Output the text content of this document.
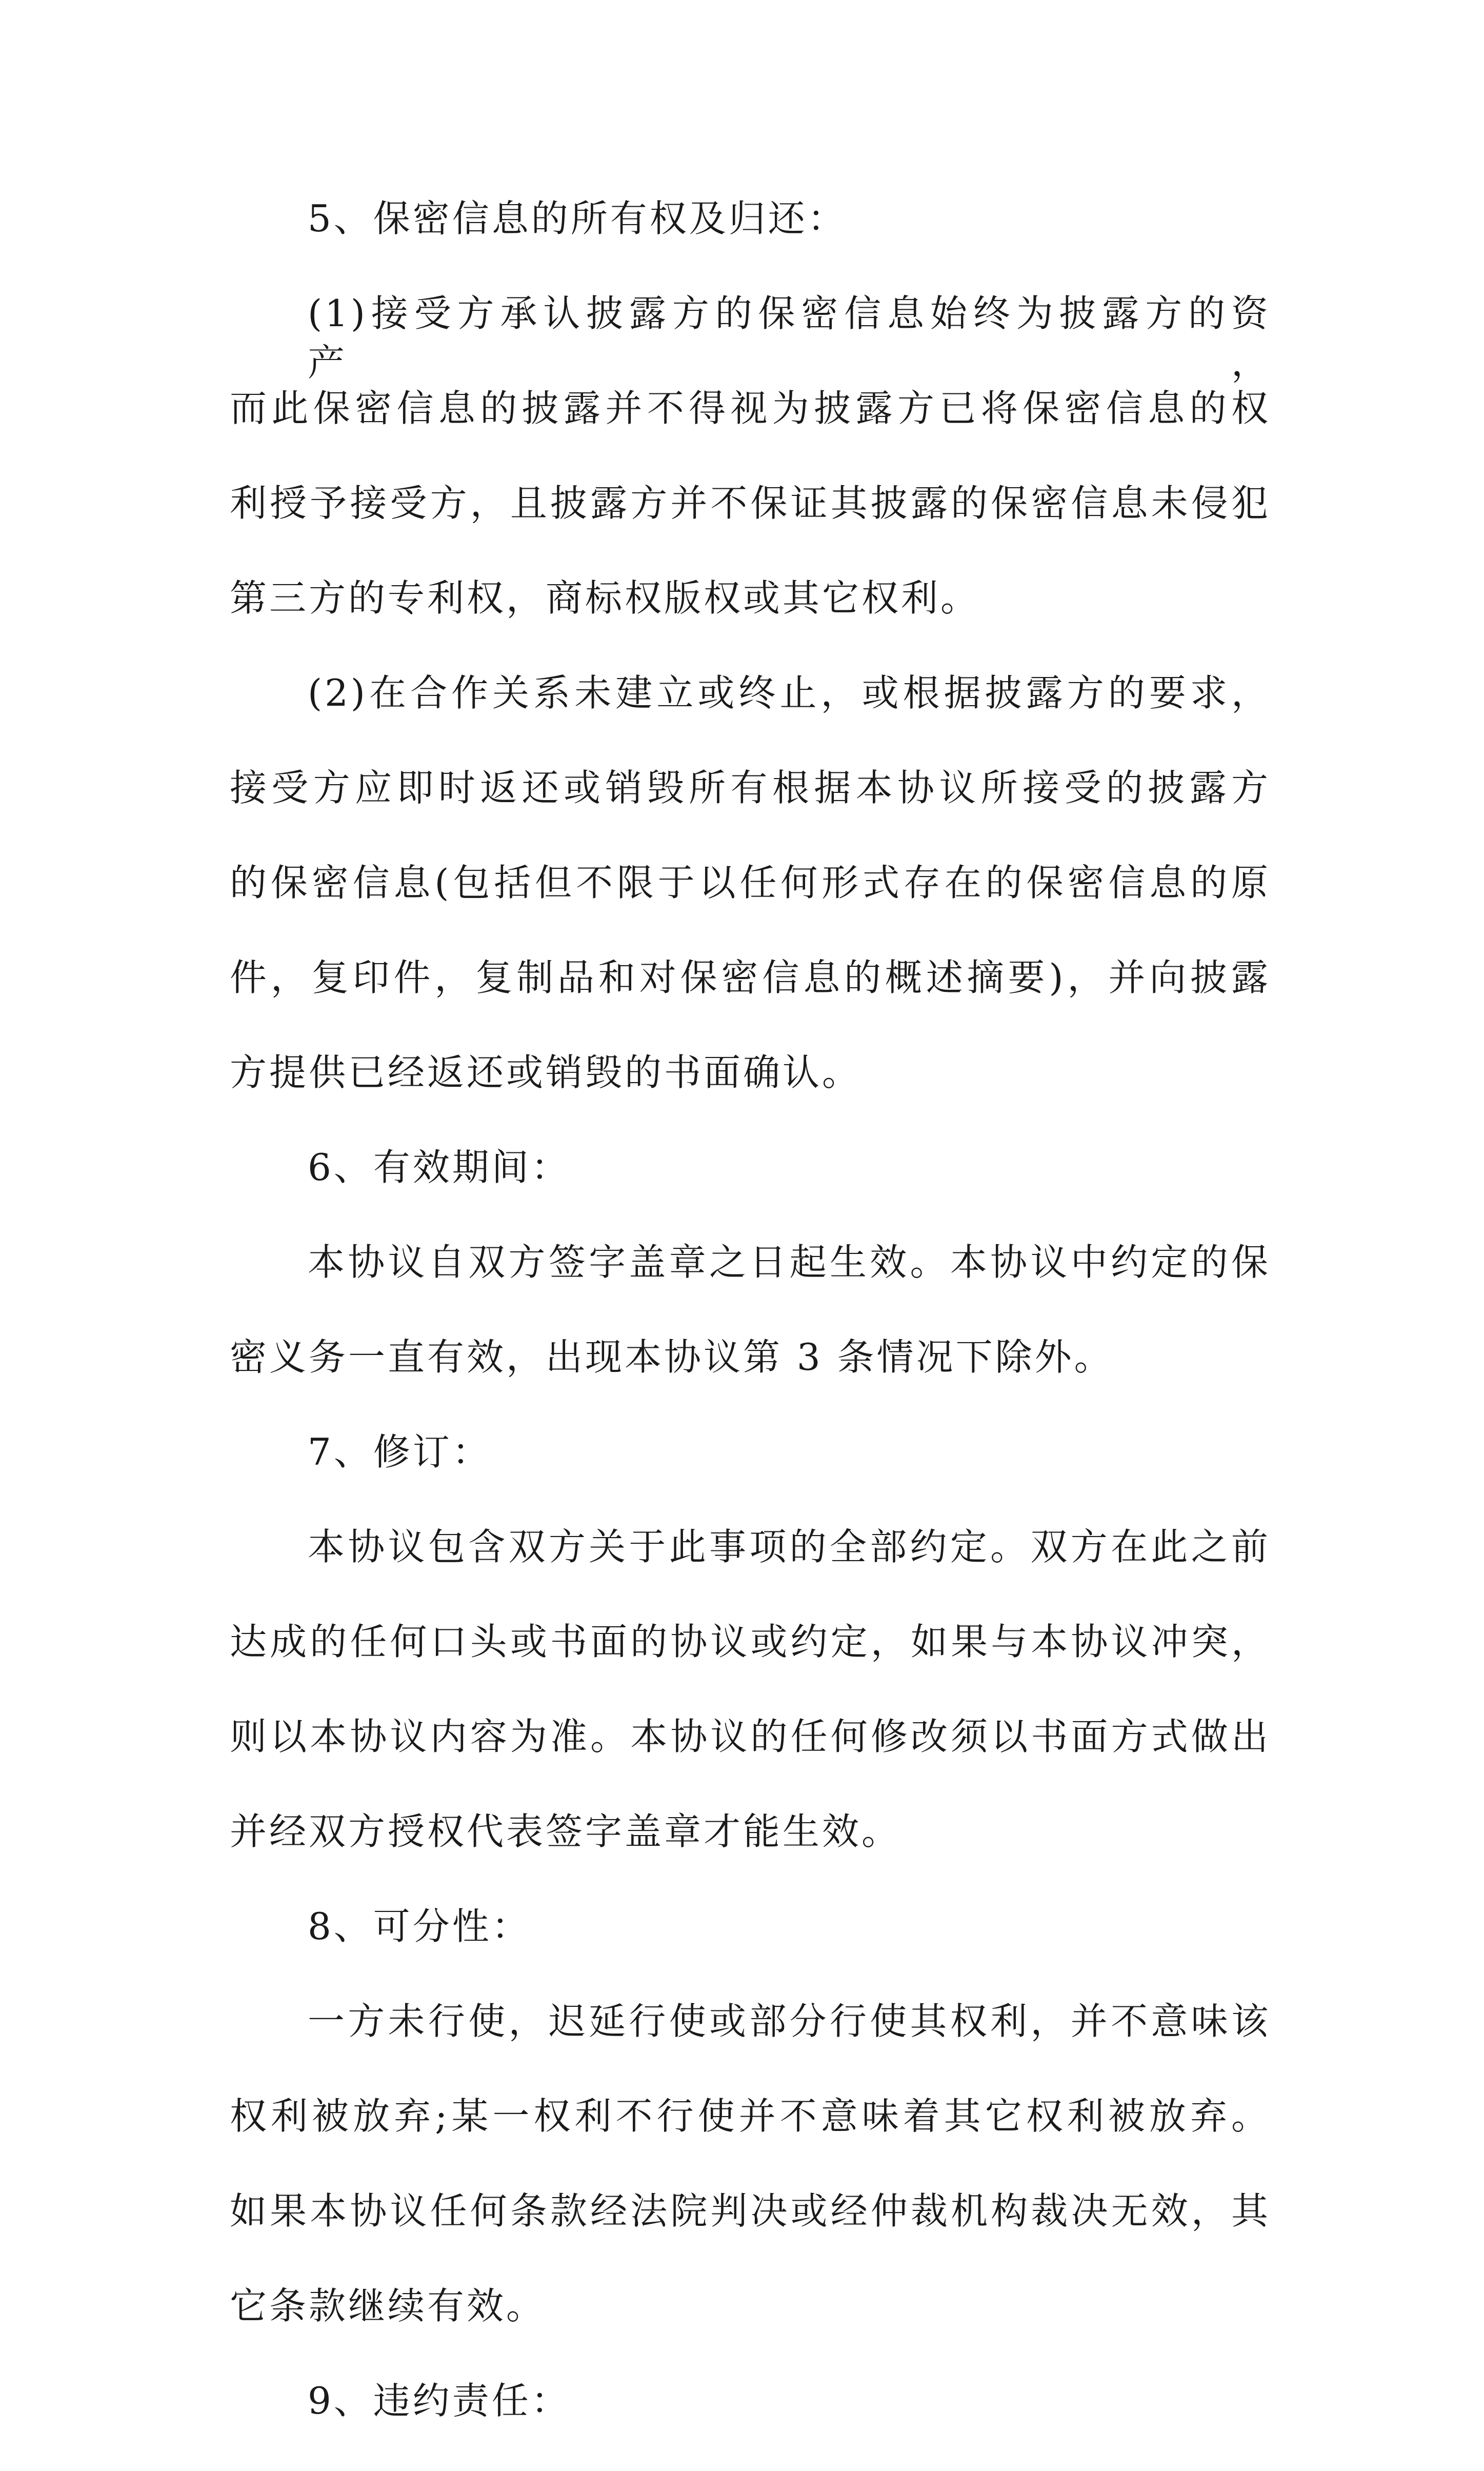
5、保密信息的所有权及归还：
(1)接受方承认披露方的保密信息始终为披露方的资产，
而此保密信息的披露并不得视为披露方已将保密信息的权
利授予接受方，且披露方并不保证其披露的保密信息未侵犯
第三方的专利权，商标权版权或其它权利。
(2)在合作关系未建立或终止，或根据披露方的要求，
接受方应即时返还或销毁所有根据本协议所接受的披露方
的保密信息(包括但不限于以任何形式存在的保密信息的原
件，复印件，复制品和对保密信息的概述摘要)，并向披露
方提供已经返还或销毁的书面确认。
6、有效期间：
本协议自双方签字盖章之日起生效。本协议中约定的保
密义务一直有效，出现本协议第 3 条情况下除外。
7、修订：
本协议包含双方关于此事项的全部约定。双方在此之前
达成的任何口头或书面的协议或约定，如果与本协议冲突，
则以本协议内容为准。本协议的任何修改须以书面方式做出
并经双方授权代表签字盖章才能生效。
8、可分性：
一方未行使，迟延行使或部分行使其权利，并不意味该
权利被放弃;某一权利不行使并不意味着其它权利被放弃。
如果本协议任何条款经法院判决或经仲裁机构裁决无效，其
它条款继续有效。
9、违约责任：
